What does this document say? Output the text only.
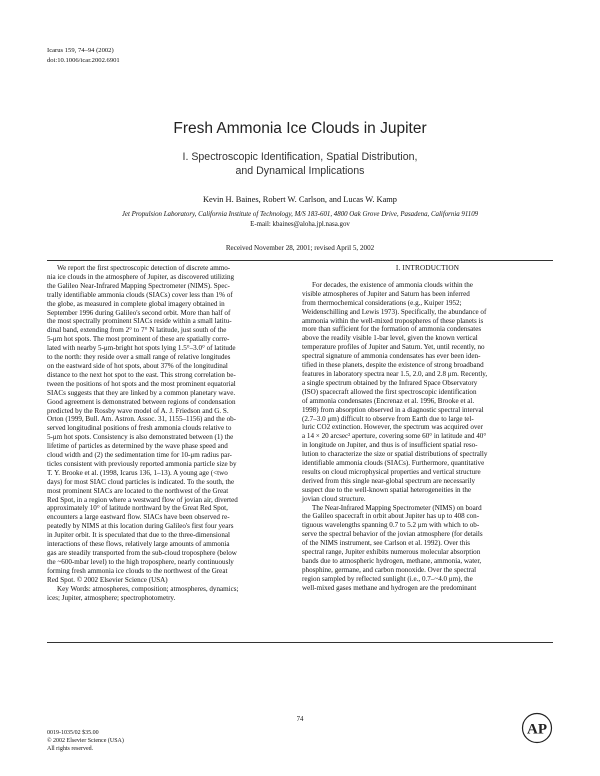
Icarus 159, 74–94 (2002)
doi:10.1006/icar.2002.6901
Fresh Ammonia Ice Clouds in Jupiter
I. Spectroscopic Identification, Spatial Distribution,
and Dynamical Implications
Kevin H. Baines, Robert W. Carlson, and Lucas W. Kamp
Jet Propulsion Laboratory, California Institute of Technology, M/S 183-601, 4800 Oak Grove Drive, Pasadena, California 91109
E-mail: kbaines@aloha.jpl.nasa.gov
Received November 28, 2001; revised April 5, 2002
We report the first spectroscopic detection of discrete ammo-
nia ice clouds in the atmosphere of Jupiter, as discovered utilizing
the Galileo Near-Infrared Mapping Spectrometer (NIMS). Spec-
trally identifiable ammonia clouds (SIACs) cover less than 1% of
the globe, as measured in complete global imagery obtained in
September 1996 during Galileo's second orbit. More than half of
the most spectrally prominent SIACs reside within a small latitu-
dinal band, extending from 2° to 7° N latitude, just south of the
5-μm hot spots. The most prominent of these are spatially corre-
lated with nearby 5-μm-bright hot spots lying 1.5°–3.0° of latitude
to the north: they reside over a small range of relative longitudes
on the eastward side of hot spots, about 37% of the longitudinal
distance to the next hot spot to the east. This strong correlation be-
tween the positions of hot spots and the most prominent equatorial
SIACs suggests that they are linked by a common planetary wave.
Good agreement is demonstrated between regions of condensation
predicted by the Rossby wave model of A. J. Friedson and G. S.
Orton (1999, Bull. Am. Astron. Assoc. 31, 1155–1156) and the ob-
served longitudinal positions of fresh ammonia clouds relative to
5-μm hot spots. Consistency is also demonstrated between (1) the
lifetime of particles as determined by the wave phase speed and
cloud width and (2) the sedimentation time for 10-μm radius par-
ticles consistent with previously reported ammonia particle size by
T. Y. Brooke et al. (1998, Icarus 136, 1–13). A young age (<two
days) for most SIAC cloud particles is indicated. To the south, the
most prominent SIACs are located to the northwest of the Great
Red Spot, in a region where a westward flow of jovian air, diverted
approximately 10° of latitude northward by the Great Red Spot,
encounters a large eastward flow. SIACs have been observed re-
peatedly by NIMS at this location during Galileo's first four years
in Jupiter orbit. It is speculated that due to the three-dimensional
interactions of these flows, relatively large amounts of ammonia
gas are steadily transported from the sub-cloud troposphere (below
the ~600-mbar level) to the high troposphere, nearly continuously
forming fresh ammonia ice clouds to the northwest of the Great
Red Spot. © 2002 Elsevier Science (USA)
Key Words: atmospheres, composition; atmospheres, dynamics;
ices; Jupiter, atmosphere; spectrophotometry.
I. INTRODUCTION
For decades, the existence of ammonia clouds within the
visible atmospheres of Jupiter and Saturn has been inferred
from thermochemical considerations (e.g., Kuiper 1952;
Weidenschilling and Lewis 1973). Specifically, the abundance of
ammonia within the well-mixed tropospheres of these planets is
more than sufficient for the formation of ammonia condensates
above the readily visible 1-bar level, given the known vertical
temperature profiles of Jupiter and Saturn. Yet, until recently, no
spectral signature of ammonia condensates has ever been iden-
tified in these planets, despite the existence of strong broadband
features in laboratory spectra near 1.5, 2.0, and 2.8 μm. Recently,
a single spectrum obtained by the Infrared Space Observatory
(ISO) spacecraft allowed the first spectroscopic identification
of ammonia condensates (Encrenaz et al. 1996, Brooke et al.
1998) from absorption observed in a diagnostic spectral interval
(2.7–3.0 μm) difficult to observe from Earth due to large tel-
luric CO2 extinction. However, the spectrum was acquired over
a 14 × 20 arcsec² aperture, covering some 60° in latitude and 40°
in longitude on Jupiter, and thus is of insufficient spatial reso-
lution to characterize the size or spatial distributions of spectrally
identifiable ammonia clouds (SIACs). Furthermore, quantitative
results on cloud microphysical properties and vertical structure
derived from this single near-global spectrum are necessarily
suspect due to the well-known spatial heterogeneities in the
jovian cloud structure.
The Near-Infrared Mapping Spectrometer (NIMS) on board
the Galileo spacecraft in orbit about Jupiter has up to 408 con-
tiguous wavelengths spanning 0.7 to 5.2 μm with which to ob-
serve the spectral behavior of the jovian atmosphere (for details
of the NIMS instrument, see Carlson et al. 1992). Over this
spectral range, Jupiter exhibits numerous molecular absorption
bands due to atmospheric hydrogen, methane, ammonia, water,
phosphine, germane, and carbon monoxide. Over the spectral
region sampled by reflected sunlight (i.e., 0.7–~4.0 μm), the
well-mixed gases methane and hydrogen are the predominant
74
0019-1035/02 $35.00
© 2002 Elsevier Science (USA)
All rights reserved.
AP
